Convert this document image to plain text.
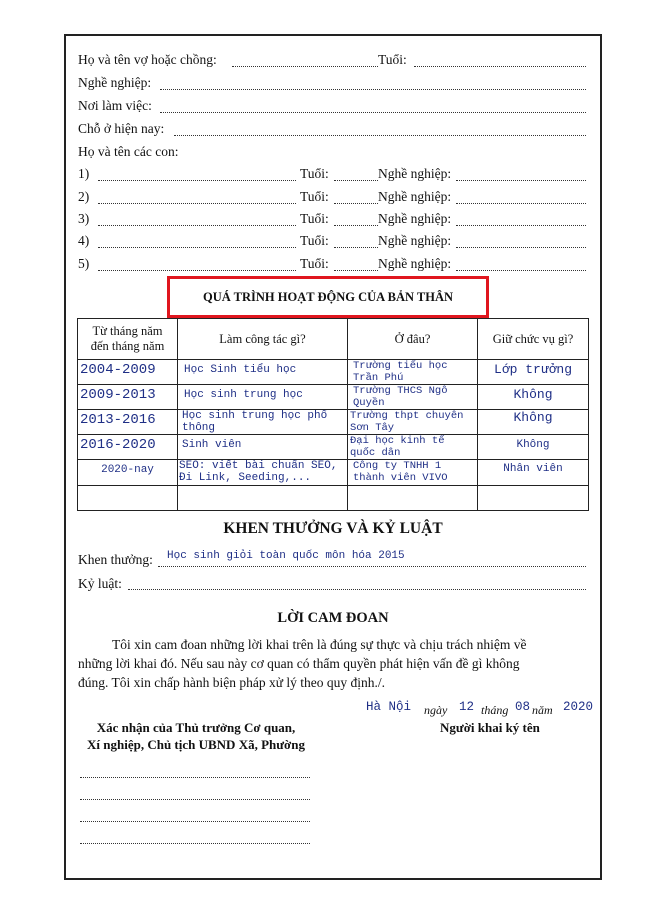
Họ và tên vợ hoặc chồng:	Tuổi:
Nghề nghiệp:
Nơi làm việc:
Chỗ ở hiện nay:
Họ và tên các con:
1)	Tuổi:	Nghề nghiệp:
2)	Tuổi:	Nghề nghiệp:
3)	Tuổi:	Nghề nghiệp:
4)	Tuổi:	Nghề nghiệp:
5)	Tuổi:	Nghề nghiệp:
QUÁ TRÌNH HOẠT ĐỘNG CỦA BẢN THÂN
Từ tháng năm đến tháng năm	Làm công tác gì?	Ở đâu?	Giữ chức vụ gì?
2004-2009	Học Sinh tiểu học	Trường tiểu học Trần Phú	Lớp trưởng
2009-2013	Học sinh trung học	Trường THCS Ngô Quyền	Không
2013-2016	Học sinh trung học phổ thông	Trường thpt chuyên Sơn Tây	Không
2016-2020	Sinh viên	Đại học kinh tế quốc dân	Không
2020-nay	SEO: viết bài chuẩn SEO, Đi Link, Seeding,...	Công ty TNHH 1 thành viên VIVO	Nhân viên

KHEN THƯỞNG VÀ KỶ LUẬT
Khen thưởng: Học sinh giỏi toàn quốc môn hóa 2015
Kỷ luật:
LỜI CAM ĐOAN
Tôi xin cam đoan những lời khai trên là đúng sự thực và chịu trách nhiệm về
những lời khai đó. Nếu sau này cơ quan có thẩm quyền phát hiện vấn đề gì không
đúng. Tôi xin chấp hành biện pháp xử lý theo quy định./.
Hà Nội ngày 12 tháng 08 năm 2020
Xác nhận của Thủ trưởng Cơ quan,
Xí nghiệp, Chủ tịch UBND Xã, Phường
Người khai ký tên
